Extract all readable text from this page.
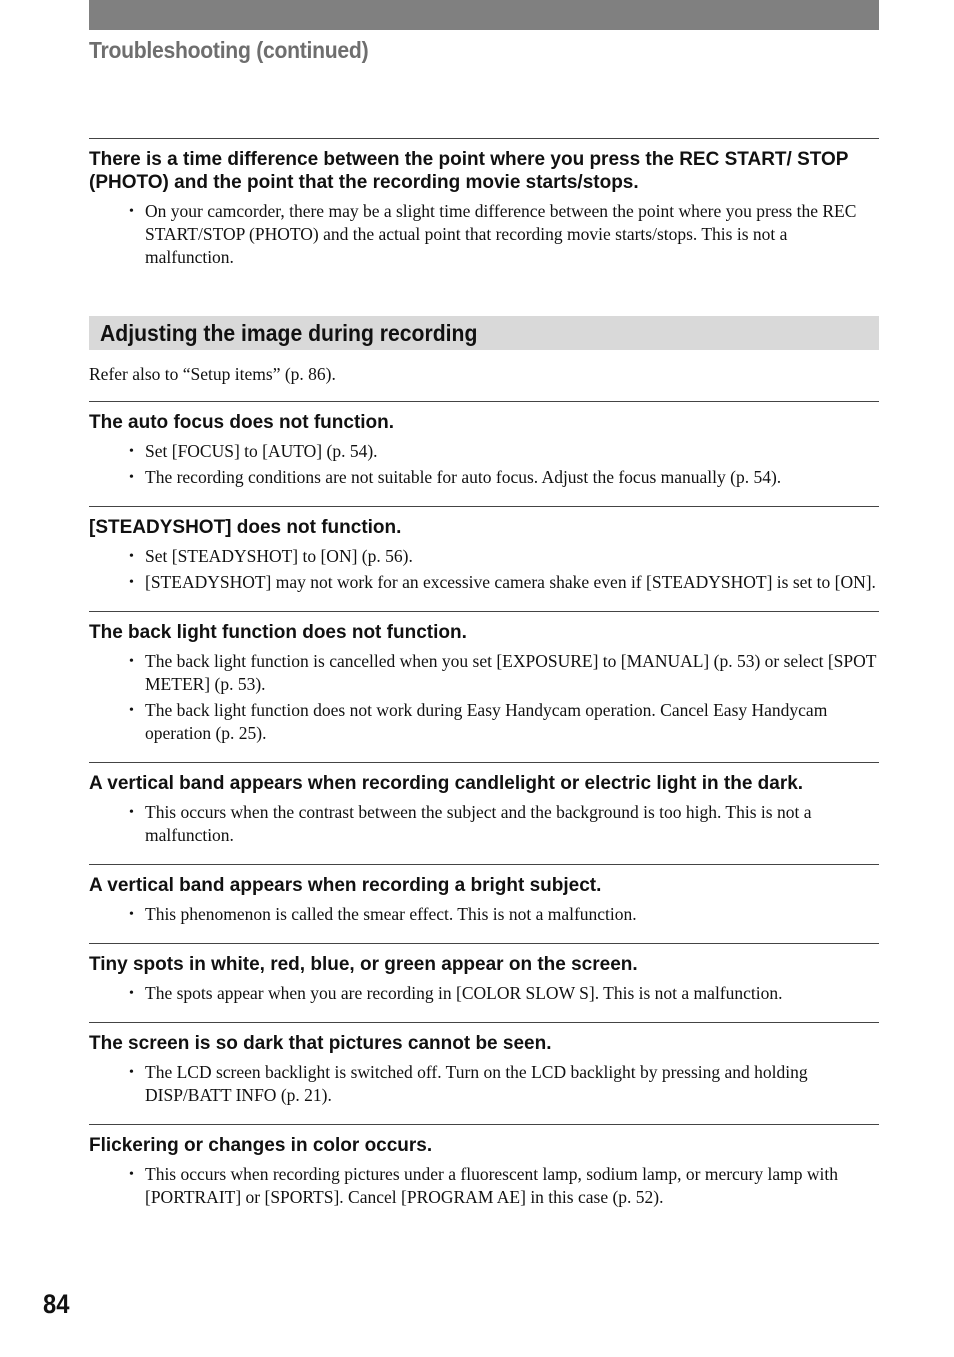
Troubleshooting (continued)

There is a time difference between the point where you press the REC START/ STOP (PHOTO) and the point that the recording movie starts/stops.

• On your camcorder, there may be a slight time difference between the point where you press the REC START/STOP (PHOTO) and the actual point that recording movie starts/stops. This is not a malfunction.
Adjusting the image during recording
Refer also to “Setup items” (p. 86).

The auto focus does not function.

• Set [FOCUS] to [AUTO] (p. 54).
• The recording conditions are not suitable for auto focus. Adjust the focus manually (p. 54).

[STEADYSHOT] does not function.

• Set [STEADYSHOT] to [ON] (p. 56).
• [STEADYSHOT] may not work for an excessive camera shake even if [STEADYSHOT] is set to [ON].

The back light function does not function.

• The back light function is cancelled when you set [EXPOSURE] to [MANUAL] (p. 53) or select [SPOT METER] (p. 53).
• The back light function does not work during Easy Handycam operation. Cancel Easy Handycam operation (p. 25).

A vertical band appears when recording candlelight or electric light in the dark.

• This occurs when the contrast between the subject and the background is too high. This is not a malfunction.

A vertical band appears when recording a bright subject.

• This phenomenon is called the smear effect. This is not a malfunction.

Tiny spots in white, red, blue, or green appear on the screen.

• The spots appear when you are recording in [COLOR SLOW S]. This is not a malfunction.

The screen is so dark that pictures cannot be seen.

• The LCD screen backlight is switched off. Turn on the LCD backlight by pressing and holding DISP/BATT INFO (p. 21).

Flickering or changes in color occurs.

• This occurs when recording pictures under a fluorescent lamp, sodium lamp, or mercury lamp with [PORTRAIT] or [SPORTS]. Cancel [PROGRAM AE] in this case (p. 52).
84
